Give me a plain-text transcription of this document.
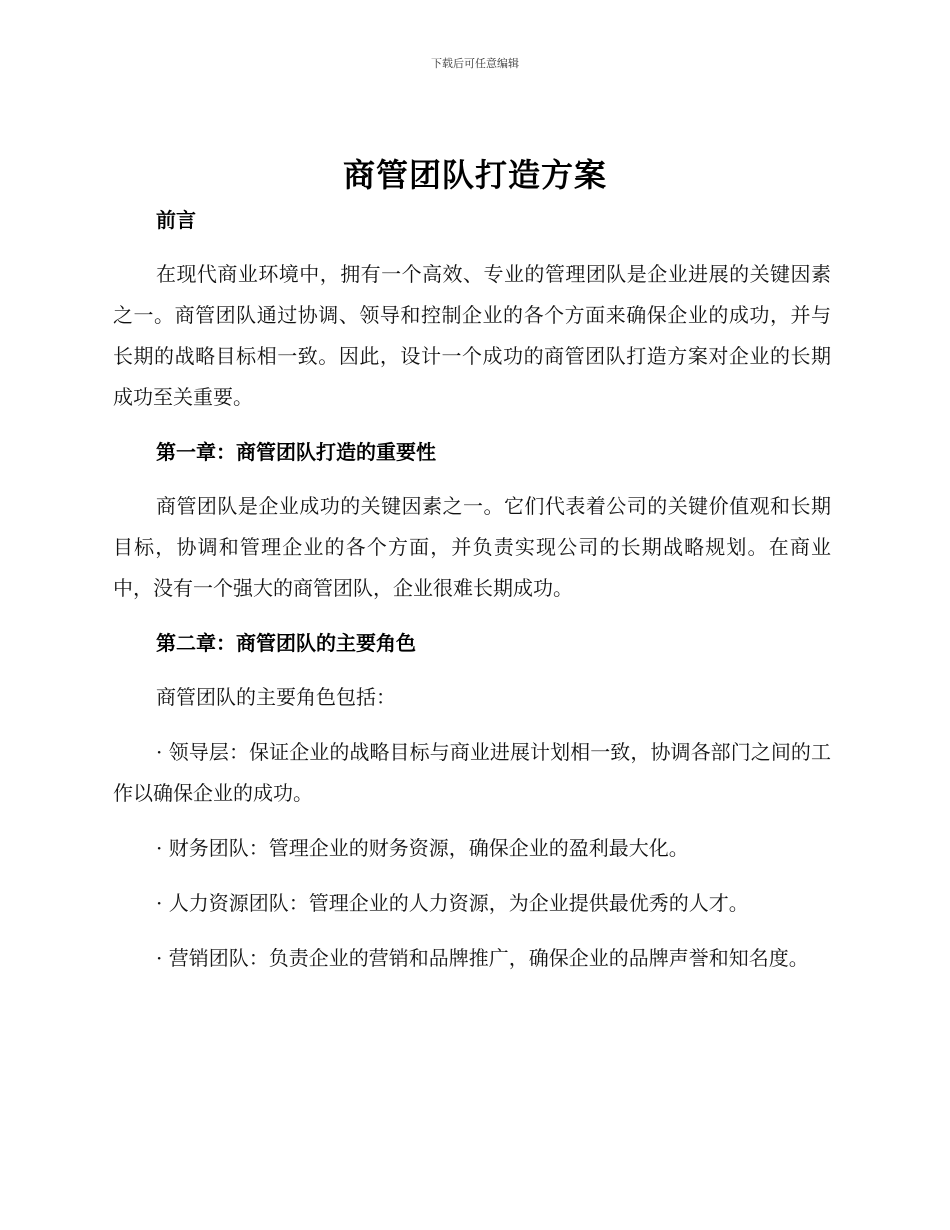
下载后可任意编辑
商管团队打造方案

前言

在现代商业环境中，拥有一个高效、专业的管理团队是企业进展的关键因素之一。商管团队通过协调、领导和控制企业的各个方面来确保企业的成功，并与长期的战略目标相一致。因此，设计一个成功的商管团队打造方案对企业的长期成功至关重要。

第一章：商管团队打造的重要性

商管团队是企业成功的关键因素之一。它们代表着公司的关键价值观和长期目标，协调和管理企业的各个方面，并负责实现公司的长期战略规划。在商业中，没有一个强大的商管团队，企业很难长期成功。

第二章：商管团队的主要角色

商管团队的主要角色包括：

· 领导层：保证企业的战略目标与商业进展计划相一致，协调各部门之间的工作以确保企业的成功。

· 财务团队：管理企业的财务资源，确保企业的盈利最大化。

· 人力资源团队：管理企业的人力资源，为企业提供最优秀的人才。

· 营销团队：负责企业的营销和品牌推广，确保企业的品牌声誉和知名度。
